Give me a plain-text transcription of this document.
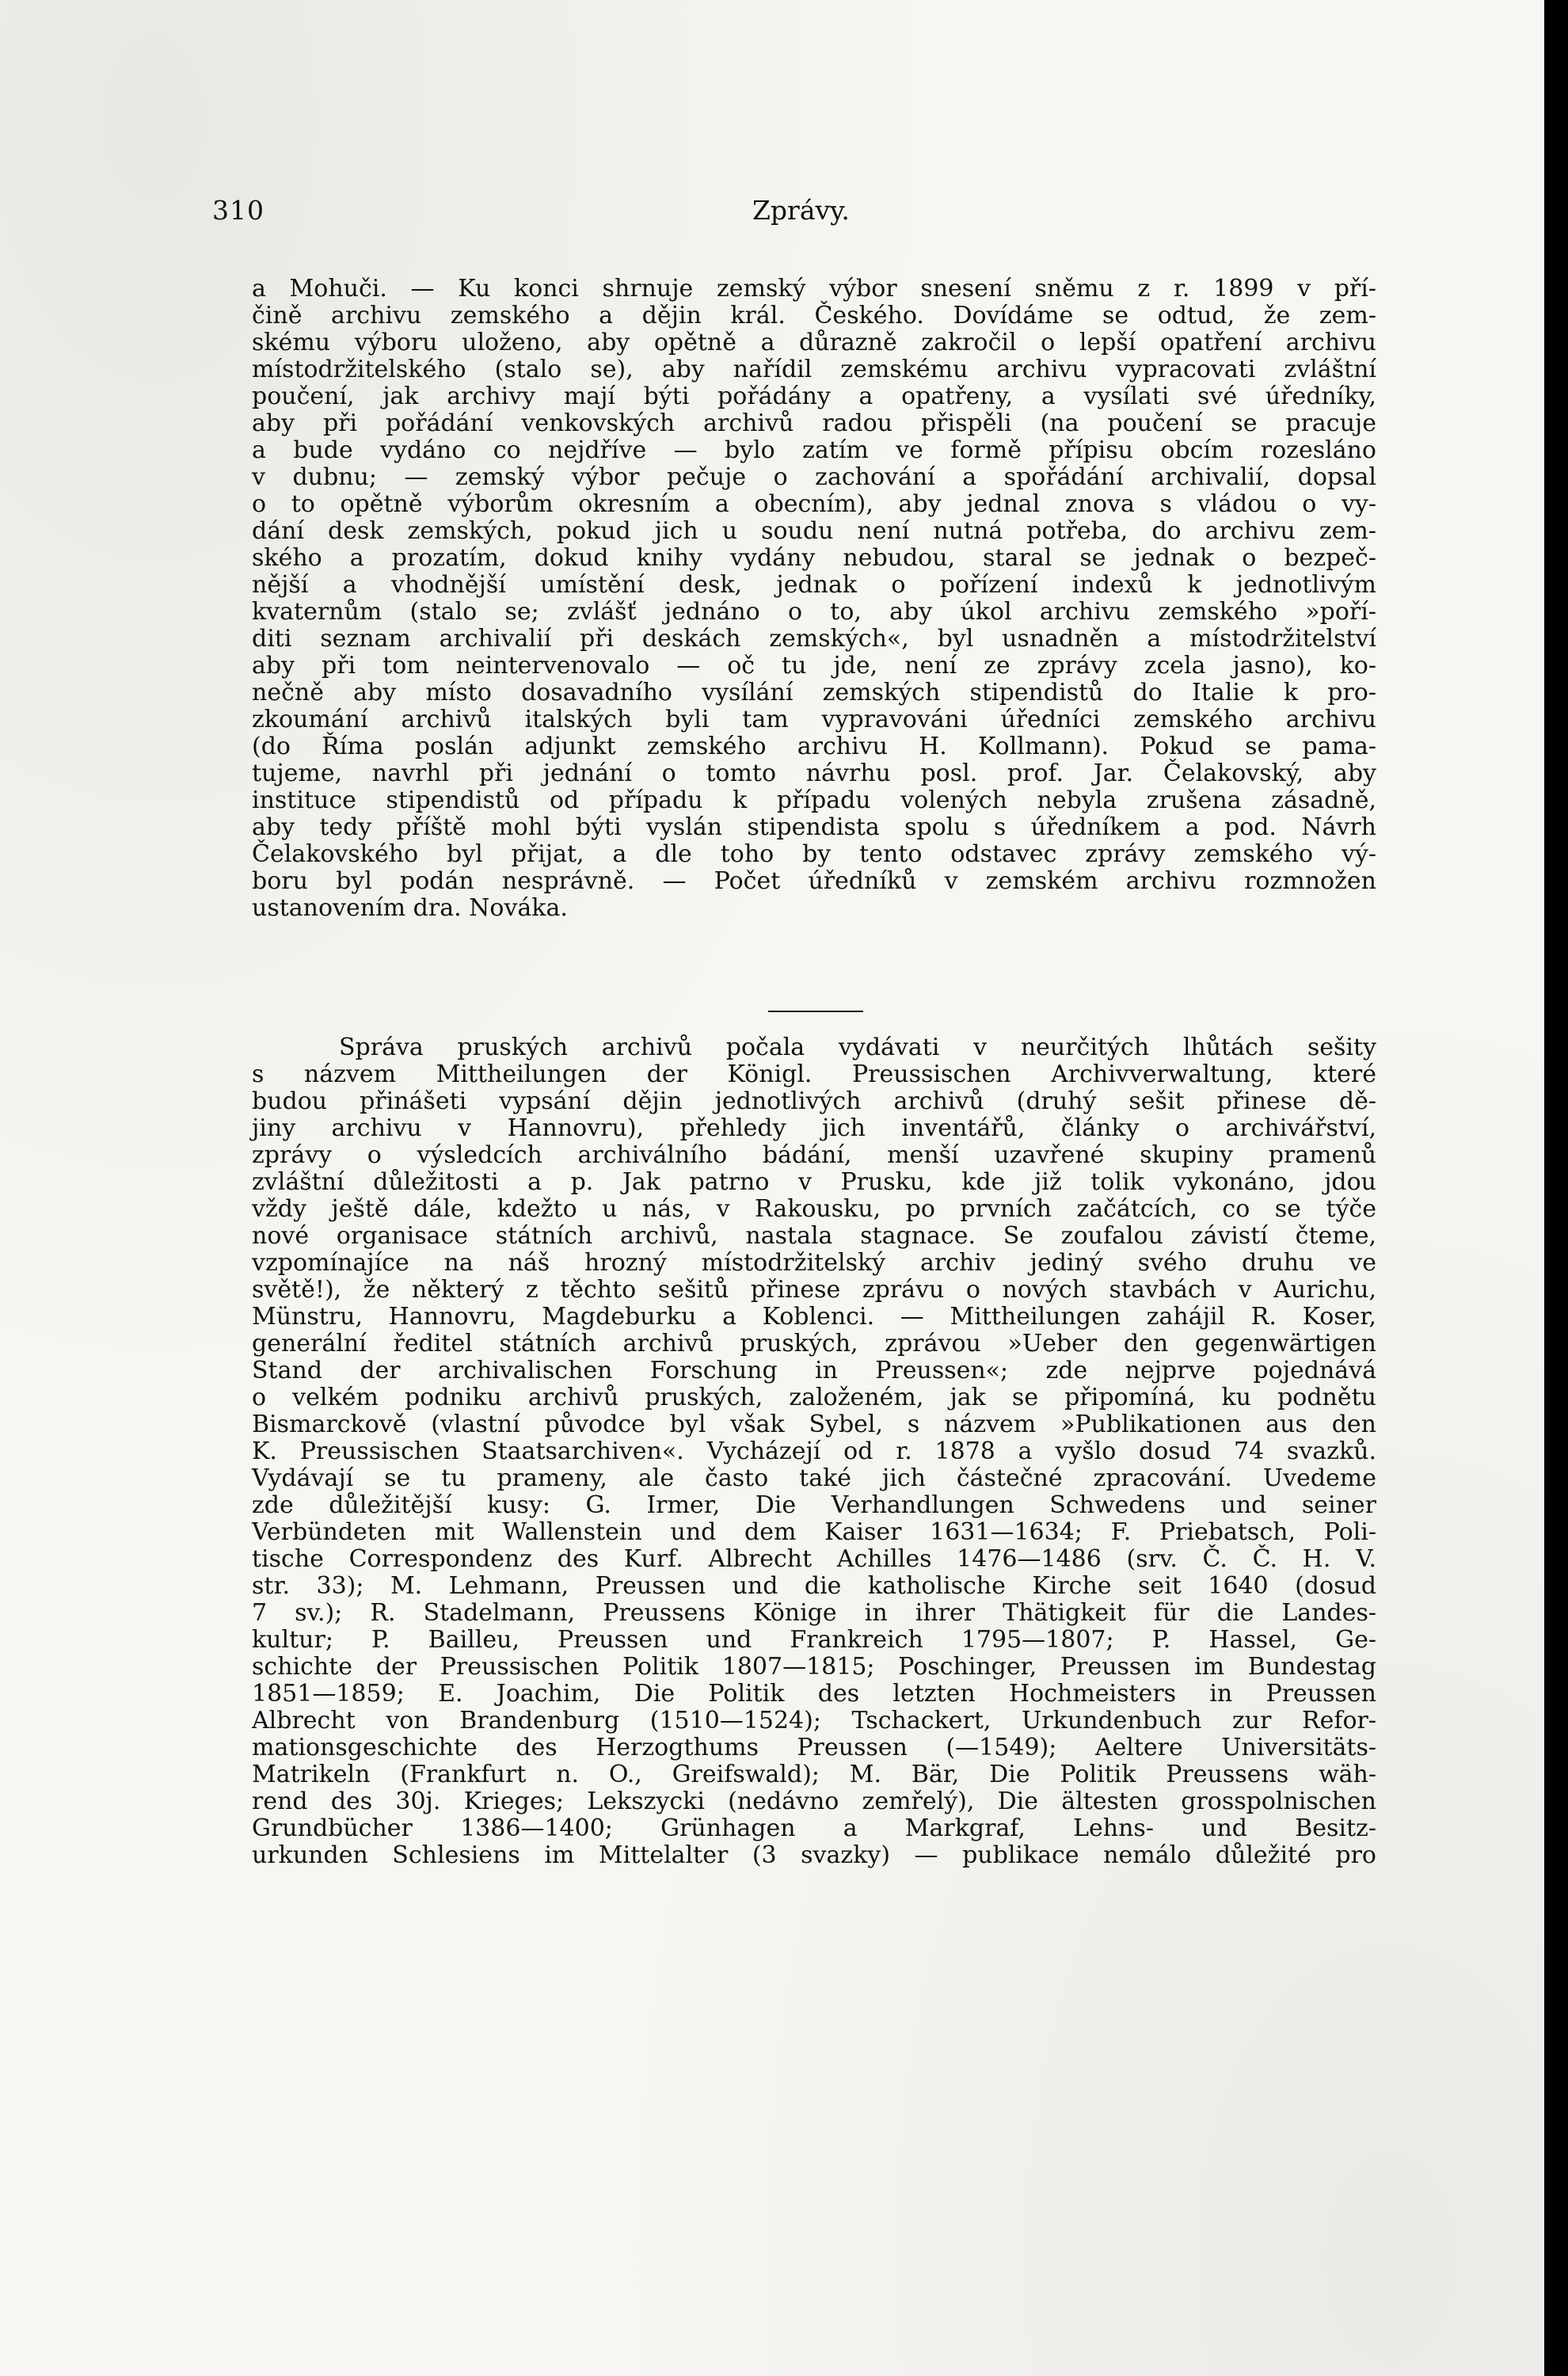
310	Zprávy.
a Mohuči. — Ku konci shrnuje zemský výbor snesení sněmu z r. 1899 v pří-
čině archivu zemského a dějin král. Českého. Dovídáme se odtud, že zem-
skému výboru uloženo, aby opětně a důrazně zakročil o lepší opatření archivu
místodržitelského (stalo se), aby nařídil zemskému archivu vypracovati zvláštní
poučení, jak archivy mají býti pořádány a opatřeny, a vysílati své úředníky,
aby při pořádání venkovských archivů radou přispěli (na poučení se pracuje
a bude vydáno co nejdříve — bylo zatím ve formě přípisu obcím rozesláno
v dubnu; — zemský výbor pečuje o zachování a spořádání archivalií, dopsal
o to opětně výborům okresním a obecním), aby jednal znova s vládou o vy-
dání desk zemských, pokud jich u soudu není nutná potřeba, do archivu zem-
ského a prozatím, dokud knihy vydány nebudou, staral se jednak o bezpeč-
nější a vhodnější umístění desk, jednak o pořízení indexů k jednotlivým
kvaternům (stalo se; zvlášť jednáno o to, aby úkol archivu zemského »poří-
diti seznam archivalií při deskách zemských«, byl usnadněn a místodržitelství
aby při tom neintervenovalo — oč tu jde, není ze zprávy zcela jasno), ko-
nečně aby místo dosavadního vysílání zemských stipendistů do Italie k pro-
zkoumání archivů italských byli tam vypravováni úředníci zemského archivu
(do Říma poslán adjunkt zemského archivu H. Kollmann). Pokud se pama-
tujeme, navrhl při jednání o tomto návrhu posl. prof. Jar. Čelakovský, aby
instituce stipendistů od případu k případu volených nebyla zrušena zásadně,
aby tedy příště mohl býti vyslán stipendista spolu s úředníkem a pod. Návrh
Čelakovského byl přijat, a dle toho by tento odstavec zprávy zemského vý-
boru byl podán nesprávně. — Počet úředníků v zemském archivu rozmnožen
ustanovením dra. Nováka.
Správa pruských archivů počala vydávati v neurčitých lhůtách sešity
s názvem Mittheilungen der Königl. Preussischen Archivverwaltung, které
budou přinášeti vypsání dějin jednotlivých archivů (druhý sešit přinese dě-
jiny archivu v Hannovru), přehledy jich inventářů, články o archivářství,
zprávy o výsledcích archiválního bádání, menší uzavřené skupiny pramenů
zvláštní důležitosti a p. Jak patrno v Prusku, kde již tolik vykonáno, jdou
vždy ještě dále, kdežto u nás, v Rakousku, po prvních začátcích, co se týče
nové organisace státních archivů, nastala stagnace. Se zoufalou závistí čteme,
vzpomínajíce na náš hrozný místodržitelský archiv jediný svého druhu ve
světě!), že některý z těchto sešitů přinese zprávu o nových stavbách v Aurichu,
Münstru, Hannovru, Magdeburku a Koblenci. — Mittheilungen zahájil R. Koser,
generální ředitel státních archivů pruských, zprávou »Ueber den gegenwärtigen
Stand der archivalischen Forschung in Preussen«; zde nejprve pojednává
o velkém podniku archivů pruských, založeném, jak se připomíná, ku podnětu
Bismarckově (vlastní původce byl však Sybel, s názvem »Publikationen aus den
K. Preussischen Staatsarchiven«. Vycházejí od r. 1878 a vyšlo dosud 74 svazků.
Vydávají se tu prameny, ale často také jich částečné zpracování. Uvedeme
zde důležitější kusy: G. Irmer, Die Verhandlungen Schwedens und seiner
Verbündeten mit Wallenstein und dem Kaiser 1631—1634; F. Priebatsch, Poli-
tische Correspondenz des Kurf. Albrecht Achilles 1476—1486 (srv. Č. Č. H. V.
str. 33); M. Lehmann, Preussen und die katholische Kirche seit 1640 (dosud
7 sv.); R. Stadelmann, Preussens Könige in ihrer Thätigkeit für die Landes-
kultur; P. Bailleu, Preussen und Frankreich 1795—1807; P. Hassel, Ge-
schichte der Preussischen Politik 1807—1815; Poschinger, Preussen im Bundestag
1851—1859; E. Joachim, Die Politik des letzten Hochmeisters in Preussen
Albrecht von Brandenburg (1510—1524); Tschackert, Urkundenbuch zur Refor-
mationsgeschichte des Herzogthums Preussen (—1549); Aeltere Universitäts-
Matrikeln (Frankfurt n. O., Greifswald); M. Bär, Die Politik Preussens wäh-
rend des 30j. Krieges; Lekszycki (nedávno zemřelý), Die ältesten grosspolnischen
Grundbücher 1386—1400; Grünhagen a Markgraf, Lehns- und Besitz-
urkunden Schlesiens im Mittelalter (3 svazky) — publikace nemálo důležité pro
